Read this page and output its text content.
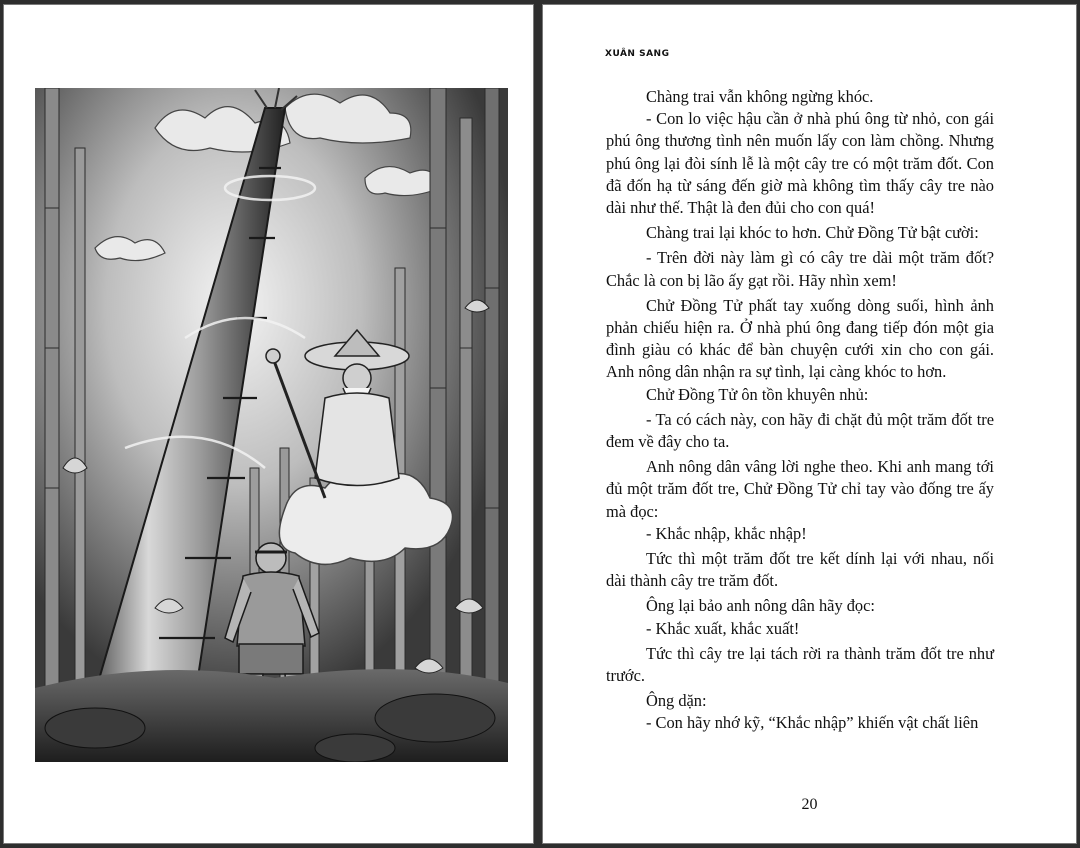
XUÂN SANG

Chàng trai vẫn không ngừng khóc.

- Con lo việc hậu cần ở nhà phú ông từ nhỏ, con gái phú ông thương tình nên muốn lấy con làm chồng. Nhưng phú ông lại đòi sính lễ là một cây tre có một trăm đốt. Con đã đốn hạ từ sáng đến giờ mà không tìm thấy cây tre nào dài như thế. Thật là đen đủi cho con quá!

Chàng trai lại khóc to hơn. Chử Đồng Tử bật cười:

- Trên đời này làm gì có cây tre dài một trăm đốt? Chắc là con bị lão ấy gạt rồi. Hãy nhìn xem!

Chử Đồng Tử phất tay xuống dòng suối, hình ảnh phản chiếu hiện ra. Ở nhà phú ông đang tiếp đón một gia đình giàu có khác để bàn chuyện cưới xin cho con gái. Anh nông dân nhận ra sự tình, lại càng khóc to hơn.

Chử Đồng Tử ôn tồn khuyên nhủ:

- Ta có cách này, con hãy đi chặt đủ một trăm đốt tre đem về đây cho ta.

Anh nông dân vâng lời nghe theo. Khi anh mang tới đủ một trăm đốt tre, Chử Đồng Tử chỉ tay vào đống tre ấy mà đọc:

- Khắc nhập, khắc nhập!

Tức thì một trăm đốt tre kết dính lại với nhau, nối dài thành cây tre trăm đốt.

Ông lại bảo anh nông dân hãy đọc:

- Khắc xuất, khắc xuất!

Tức thì cây tre lại tách rời ra thành trăm đốt tre như trước.

Ông dặn:

- Con hãy nhớ kỹ, “Khắc nhập” khiến vật chất liên

20
